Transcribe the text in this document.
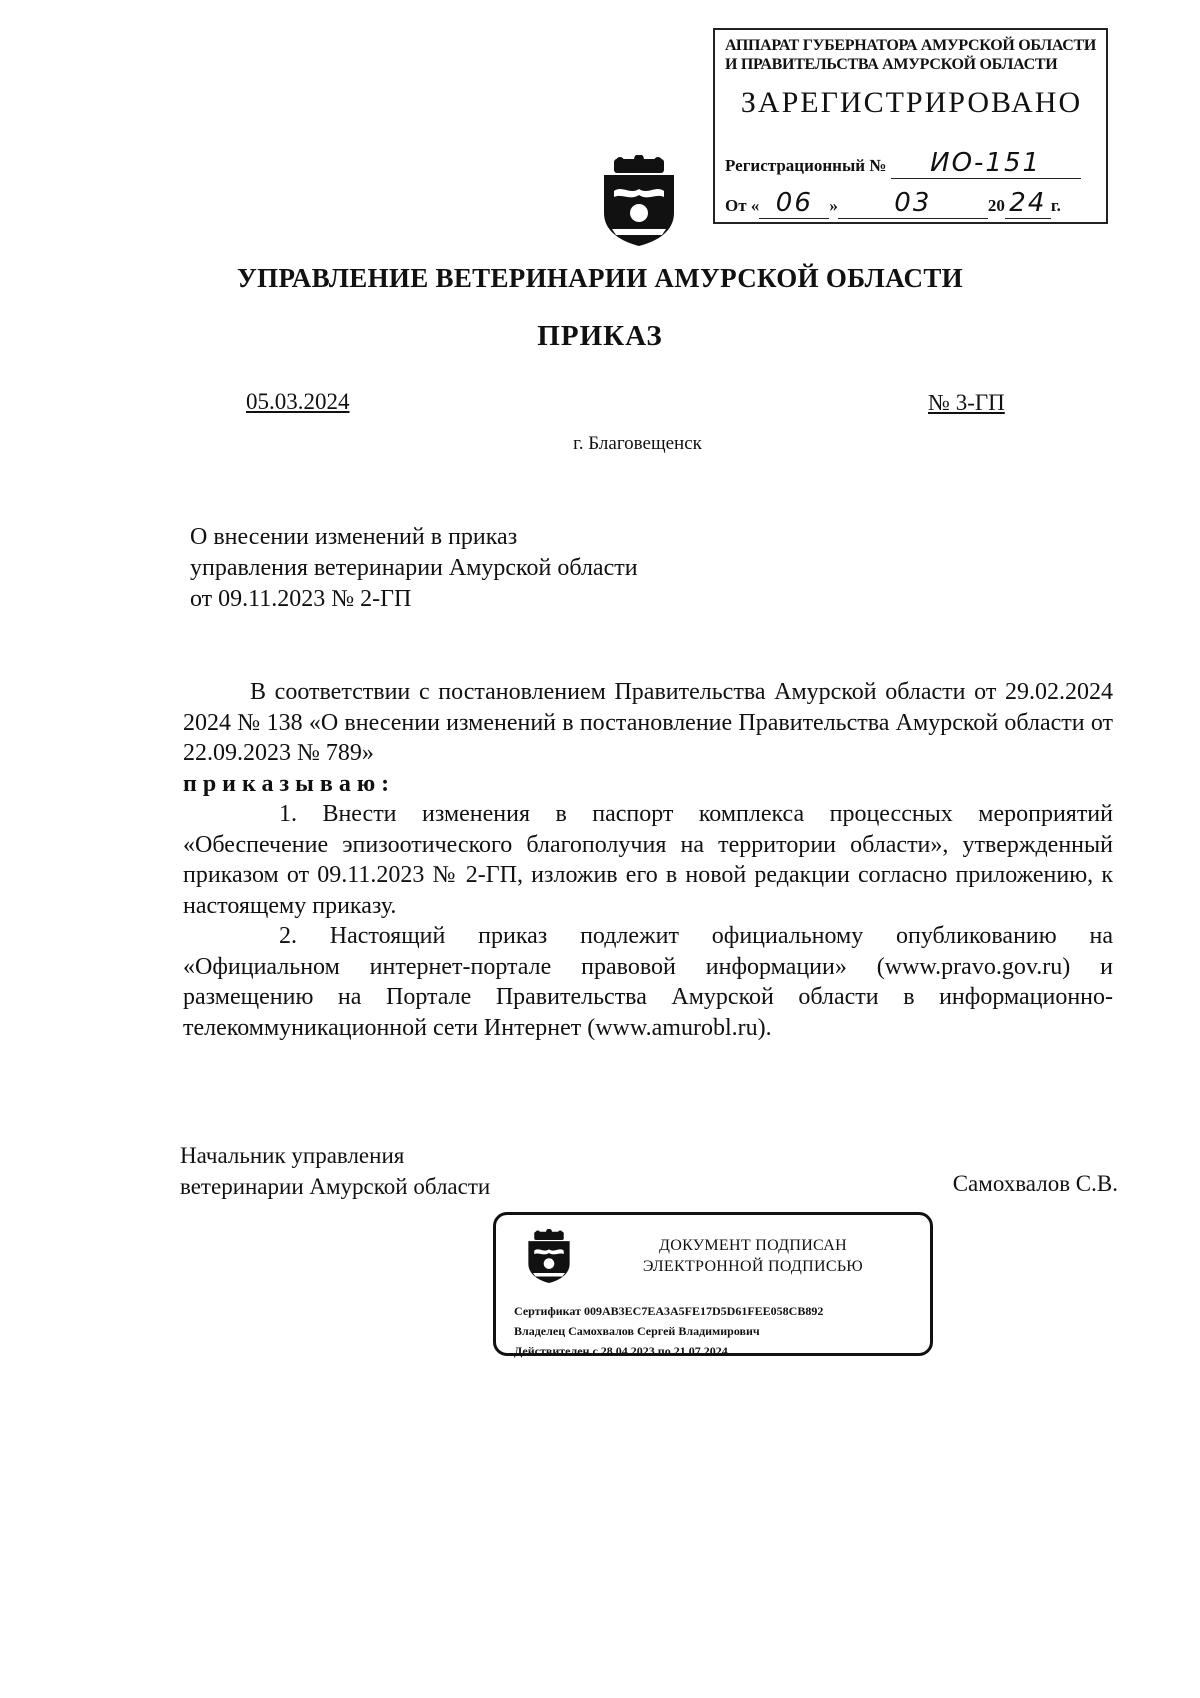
АППАРАТ ГУБЕРНАТОРА АМУРСКОЙ ОБЛАСТИ
И ПРАВИТЕЛЬСТВА АМУРСКОЙ ОБЛАСТИ
ЗАРЕГИСТРИРОВАНО
Регистрационный № ИО-151
От « 06 » 03	20 24 г.
УПРАВЛЕНИЕ ВЕТЕРИНАРИИ АМУРСКОЙ ОБЛАСТИ
ПРИКАЗ
05.03.2024	№ 3-ГП
г. Благовещенск
О внесении изменений в приказ
управления ветеринарии Амурской области
от 09.11.2023 № 2-ГП

В соответствии с постановлением Правительства Амурской области от 29.02.2024 2024 № 138 «О внесении изменений в постановление Правительства Амурской области от 22.09.2023 № 789»

приказываю:

1. Внести изменения в паспорт комплекса процессных мероприятий «Обеспечение эпизоотического благополучия на территории области», утвержденный приказом от 09.11.2023 № 2-ГП, изложив его в новой редакции согласно приложению, к настоящему приказу.

2. Настоящий приказ подлежит официальному опубликованию на «Официальном интернет-портале правовой информации» (www.pravo.gov.ru) и размещению на Портале Правительства Амурской области в информационно-телекоммуникационной сети Интернет (www.amurobl.ru).

Начальник управления
ветеринарии Амурской области	Самохвалов С.В.
ДОКУМЕНТ ПОДПИСАН
ЭЛЕКТРОННОЙ ПОДПИСЬЮ
Сертификат 009AB3EC7EA3A5FE17D5D61FEE058CB892
Владелец Самохвалов Сергей Владимирович
Действителен с 28.04.2023 по 21.07.2024
